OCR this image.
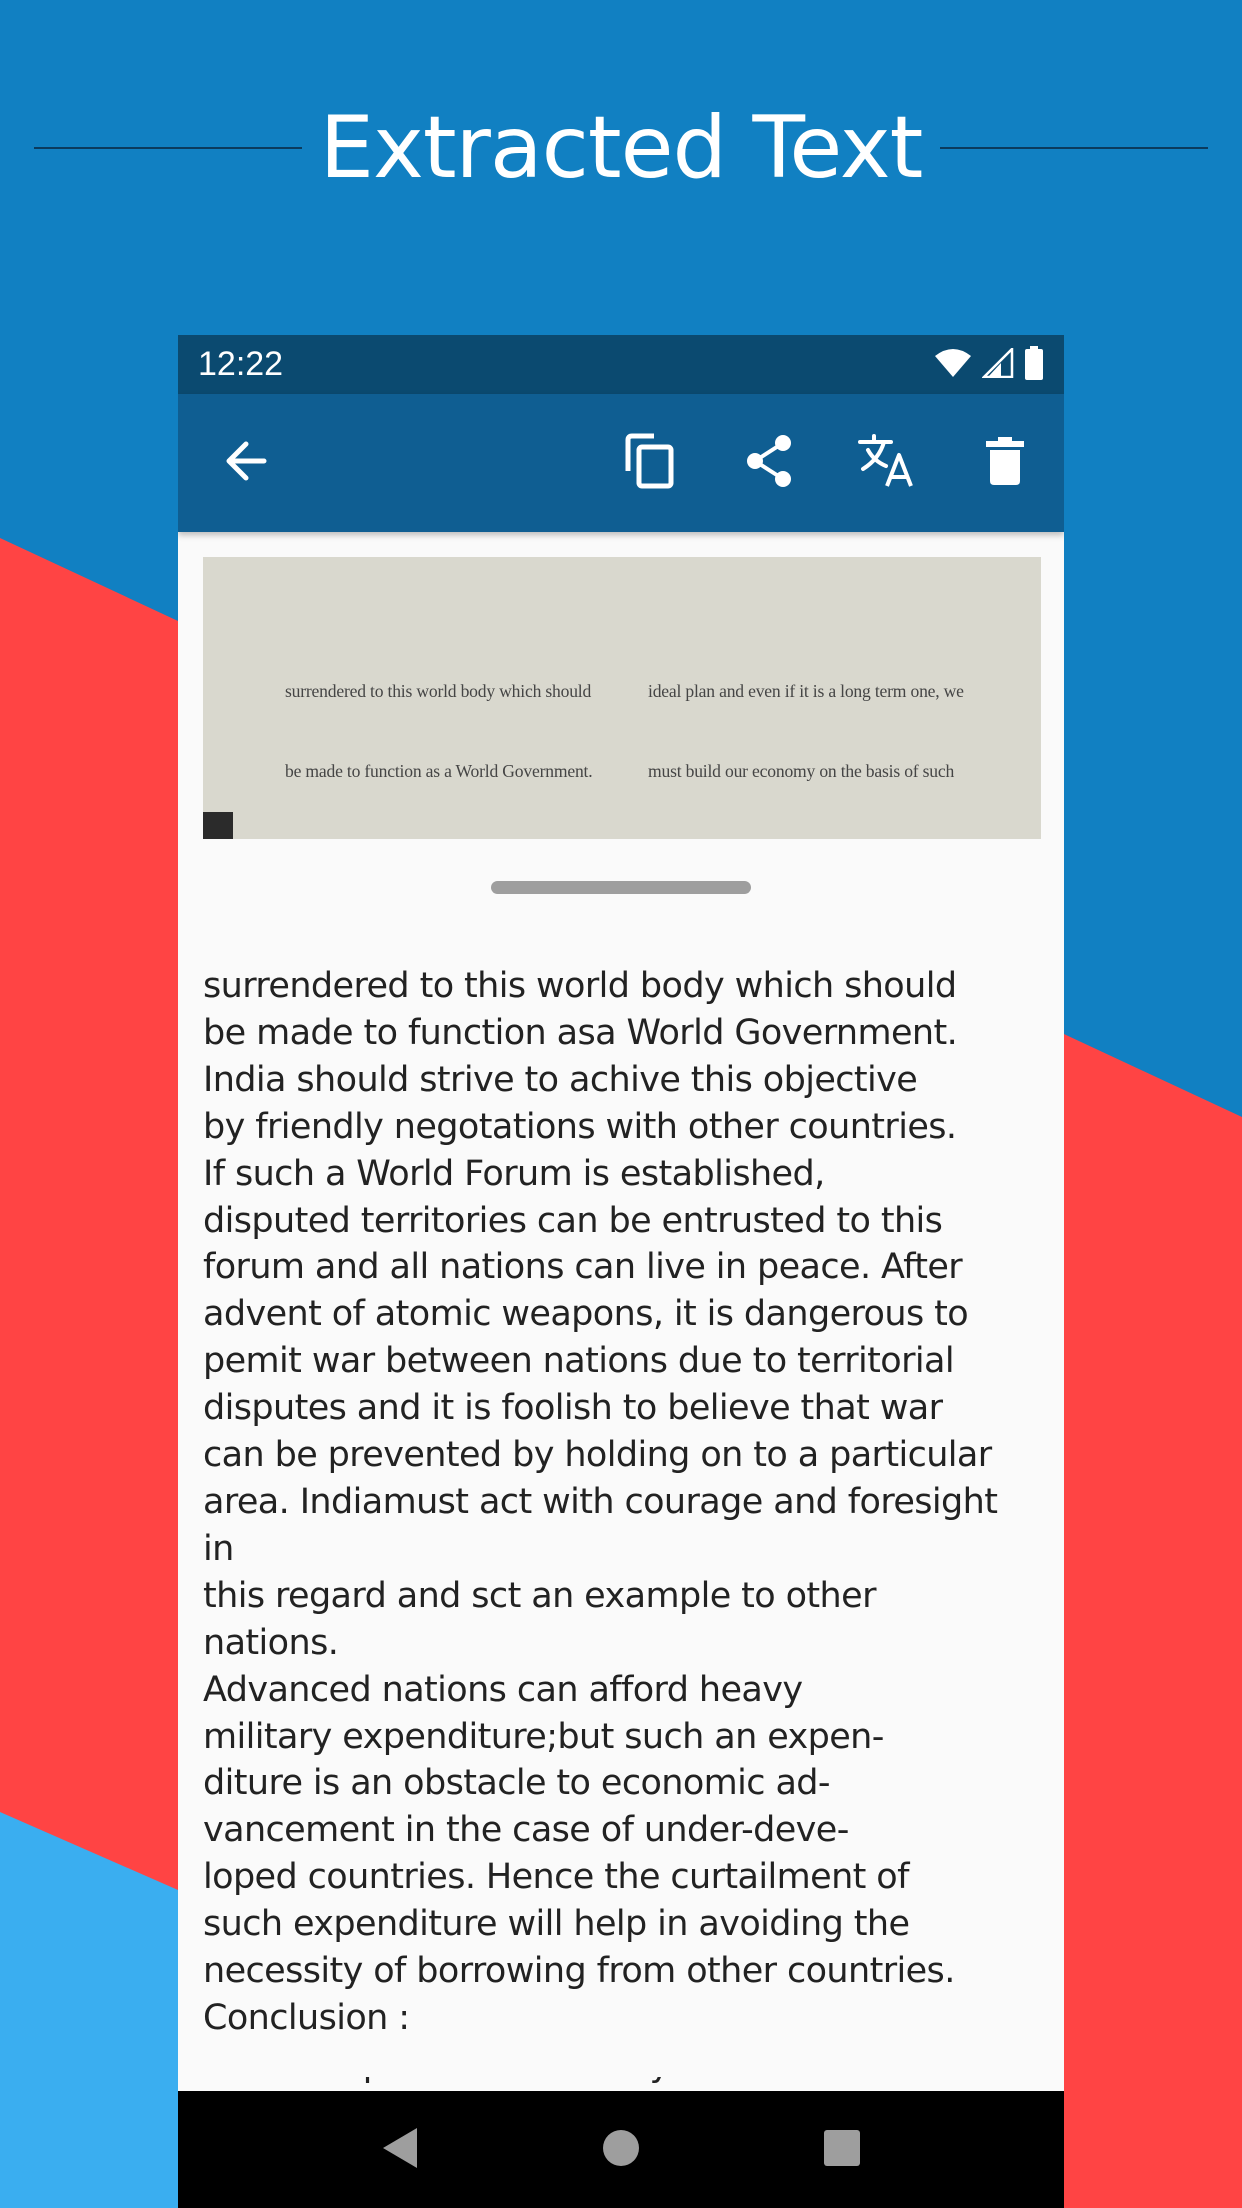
Extracted Text
12:22

surrendered to this world body which should

be made to function as a World Government.

ideal plan and even if it is a long term one, we

must build our economy on the basis of such

surrendered to this world body which should
be made to function asa World Government.
India should strive to achive this objective
by friendly negotations with other countries.
If such a World Forum is established,
disputed territories can be entrusted to this
forum and all nations can live in peace. After
advent of atomic weapons, it is dangerous to
pemit war between nations due to territorial
disputes and it is foolish to believe that war
can be prevented by holding on to a particular
area. Indiamust act with courage and foresight
in
this regard and sct an example to other
nations.
Advanced nations can afford heavy
military expenditure;but such an expen-
diture is an obstacle to economic ad-
vancement in the case of under-deve-
loped countries. Hence the curtailment of
such expenditure will help in avoiding the
necessity of borrowing from other countries.
Conclusion :
